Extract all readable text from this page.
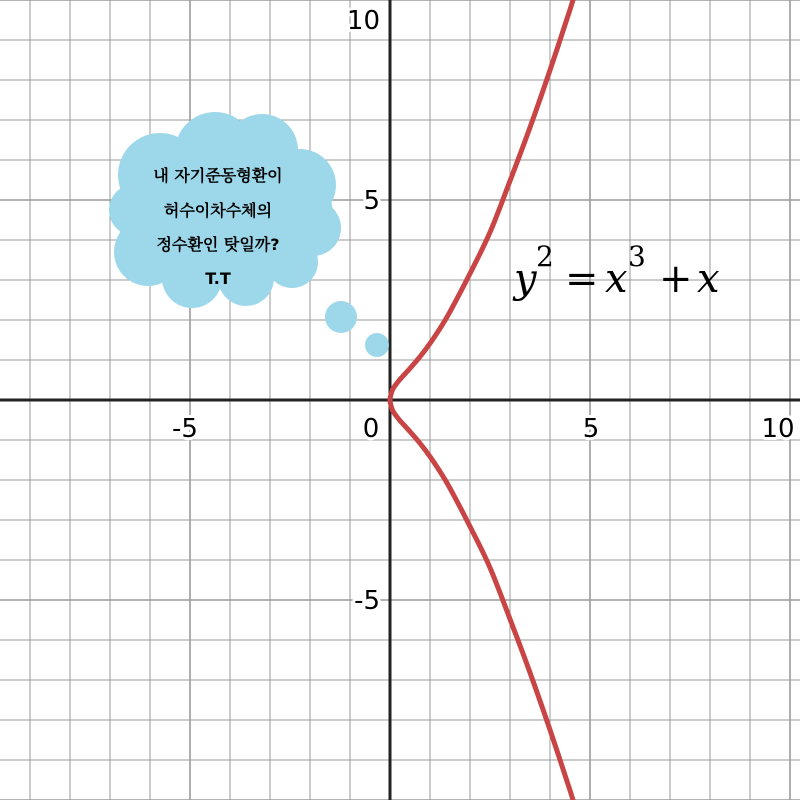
-5	0	5	10
10
5
-5
y 2 = x 3 + x
내 자기준동형환이
허수이차수체의
정수환인 탓일까?
T.T
